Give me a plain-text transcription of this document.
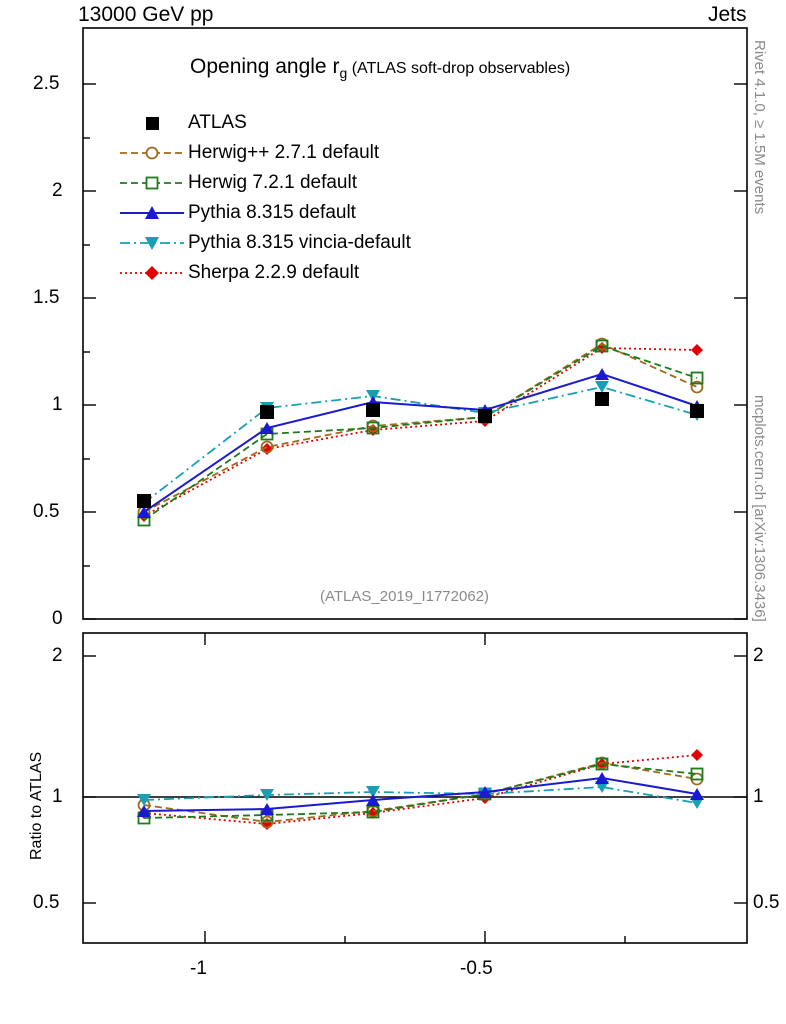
13000 GeV pp	Jets
Rivet 4.1.0, ≥ 1.5M events
mcplots.cern.ch [arXiv:1306.3436]
0
0.5
1
1.5
2
2.5
Opening angle rg (ATLAS soft-drop observables)
(ATLAS_2019_I1772062)
ATLAS
Herwig++ 2.7.1 default
Herwig 7.2.1 default
Pythia 8.315 default
Pythia 8.315 vincia-default
Sherpa 2.2.9 default
0.5
1
2
0.5
1
2
-1	-0.5
Ratio to ATLAS
